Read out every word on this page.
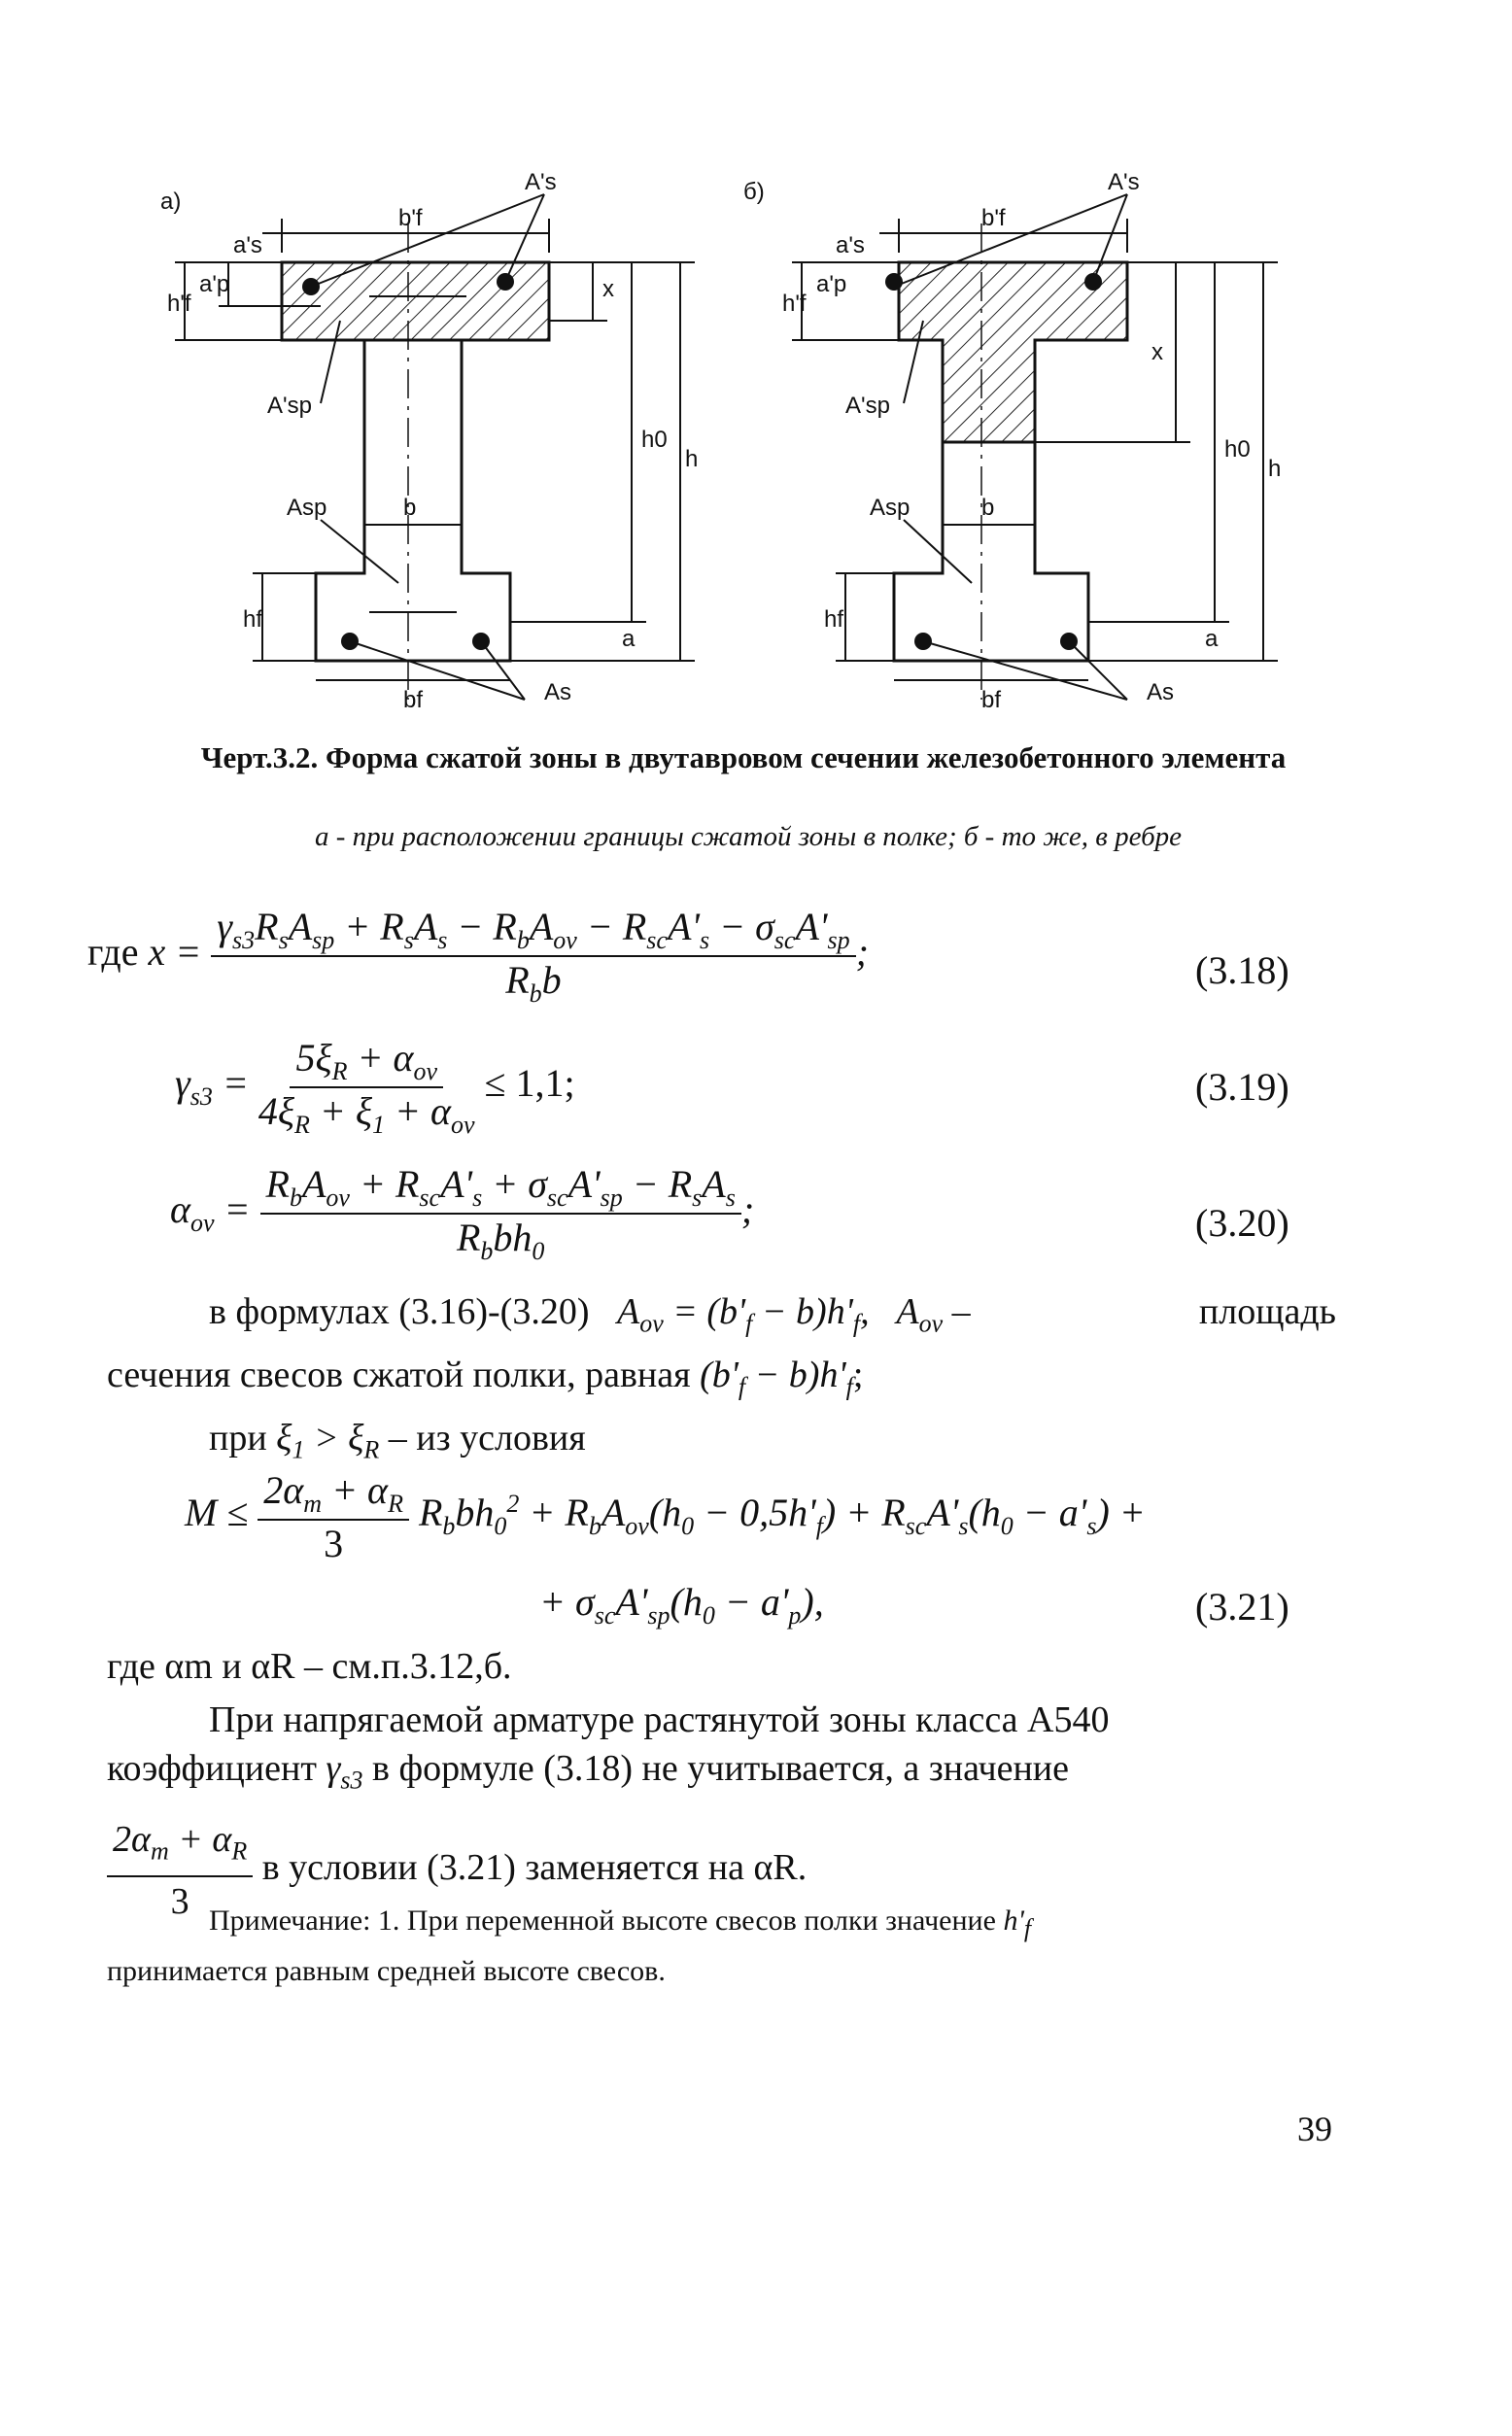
a)	б)
A's
b'f
h'f
a'p
a's
x
A'sp
h0
h
b
Asp
hf
a
bf	As
A's
b'f
h'f
a'p
a's
x
A'sp
h0
h
b
Asp
hf
a
bf	As
Черт.3.2. Форма сжатой зоны в двутавровом сечении железобетонного элемента
а - при расположении границы сжатой зоны в полке; б - то же, в ребре
где $x = \frac{\gamma_{s3}R_sA_{sp} + R_sA_s - R_bA_{ov} - R_{sc}A'_s - \sigma_{sc}A'_{sp}}{R_bb}$ ;	(3.18)
$\gamma_{s3} = \frac{5\xi_R + \alpha_{ov}}{4\xi_R + \xi_1 + \alpha_{ov}} \le 1,1$;	(3.19)
$\alpha_{ov} = \frac{R_bA_{ov} + R_{sc}A'_s + \sigma_{sc}A'_{sp} - R_sA_s}{R_bbh_0}$ ;	(3.20)
в формулах (3.16)-(3.20)   $A_{ov} = (b'_f - b)h'_f$,   $A_{ov}$ –	площадь
сечения свесов сжатой полки, равная $(b'_f - b)h'_f$;
при $\xi_1 > \xi_R$ – из условия
$M \le \frac{2\alpha_m + \alpha_R}{3} R_bbh_0^2 + R_bA_{ov}(h_0 - 0,5h'_f) + R_{sc}A'_s(h_0 - a'_s)$ +
+ $\sigma_{sc}A'_{sp}(h_0 - a'_p)$,	(3.21)
где αm и αR – см.п.3.12,б.
При напрягаемой арматуре растянутой зоны класса А540
коэффициент $\gamma_{s3}$ в формуле (3.18) не учитывается, а значение
$\frac{2\alpha_m + \alpha_R}{3}$ в условии (3.21) заменяется на αR.
Примечание: 1. При переменной высоте свесов полки значение $h'_f$
принимается равным средней высоте свесов.
39
